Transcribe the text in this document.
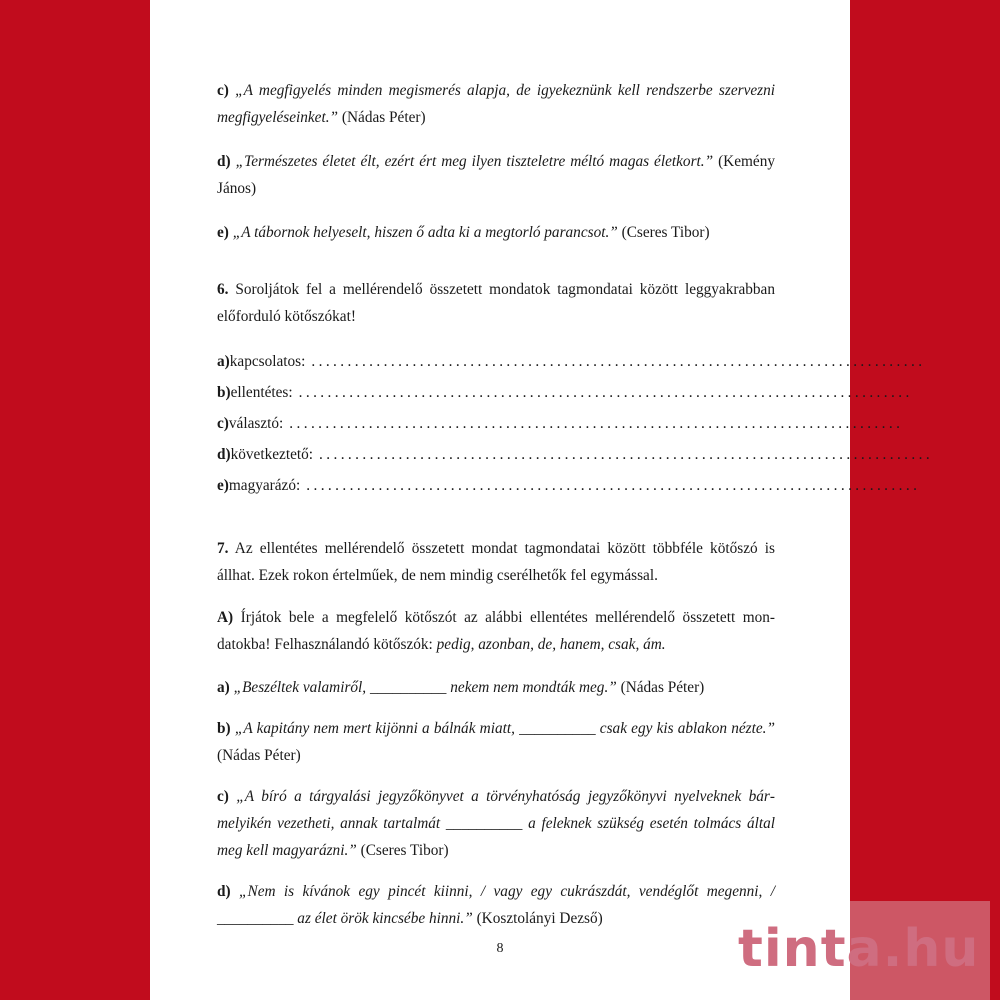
c) „A megfigyelés minden megismerés alapja, de igyekeznünk kell rendszerbe szervezni megfigyeléseinket.” (Nádas Péter)

d) „Természetes életet élt, ezért ért meg ilyen tiszteletre méltó magas életkort.” (Kemény János)

e) „A tábornok helyeselt, hiszen ő adta ki a megtorló parancsot.” (Cseres Tibor)

6. Soroljátok fel a mellérendelő összetett mondatok tagmondatai között leggyakrabban előforduló kötőszókat!

a) kapcsolatos: .....................................................................................
b) ellentétes: .....................................................................................
c) választó: .....................................................................................
d) következtető: .....................................................................................
e) magyarázó: .....................................................................................

7. Az ellentétes mellérendelő összetett mondat tagmondatai között többféle kötőszó is állhat. Ezek rokon értelműek, de nem mindig cserélhetők fel egymással.

A) Írjátok bele a megfelelő kötőszót az alábbi ellentétes mellérendelő összetett mondatokba! Felhasználandó kötőszók: pedig, azonban, de, hanem, csak, ám.

a) „Beszéltek valamiről, __________ nekem nem mondták meg.” (Nádas Péter)

b) „A kapitány nem mert kijönni a bálnák miatt, __________ csak egy kis ablakon nézte.” (Nádas Péter)

c) „A bíró a tárgyalási jegyzőkönyvet a törvényhatóság jegyzőkönyvi nyelveknek bármelyikén vezetheti, annak tartalmát __________ a feleknek szükség esetén tolmács által meg kell magyarázni.” (Cseres Tibor)

d) „Nem is kívánok egy pincét kiinni, / vagy egy cukrászdát, vendéglőt megenni, / __________ az élet örök kincsébe hinni.” (Kosztolányi Dezső)

8	tinta.hu
